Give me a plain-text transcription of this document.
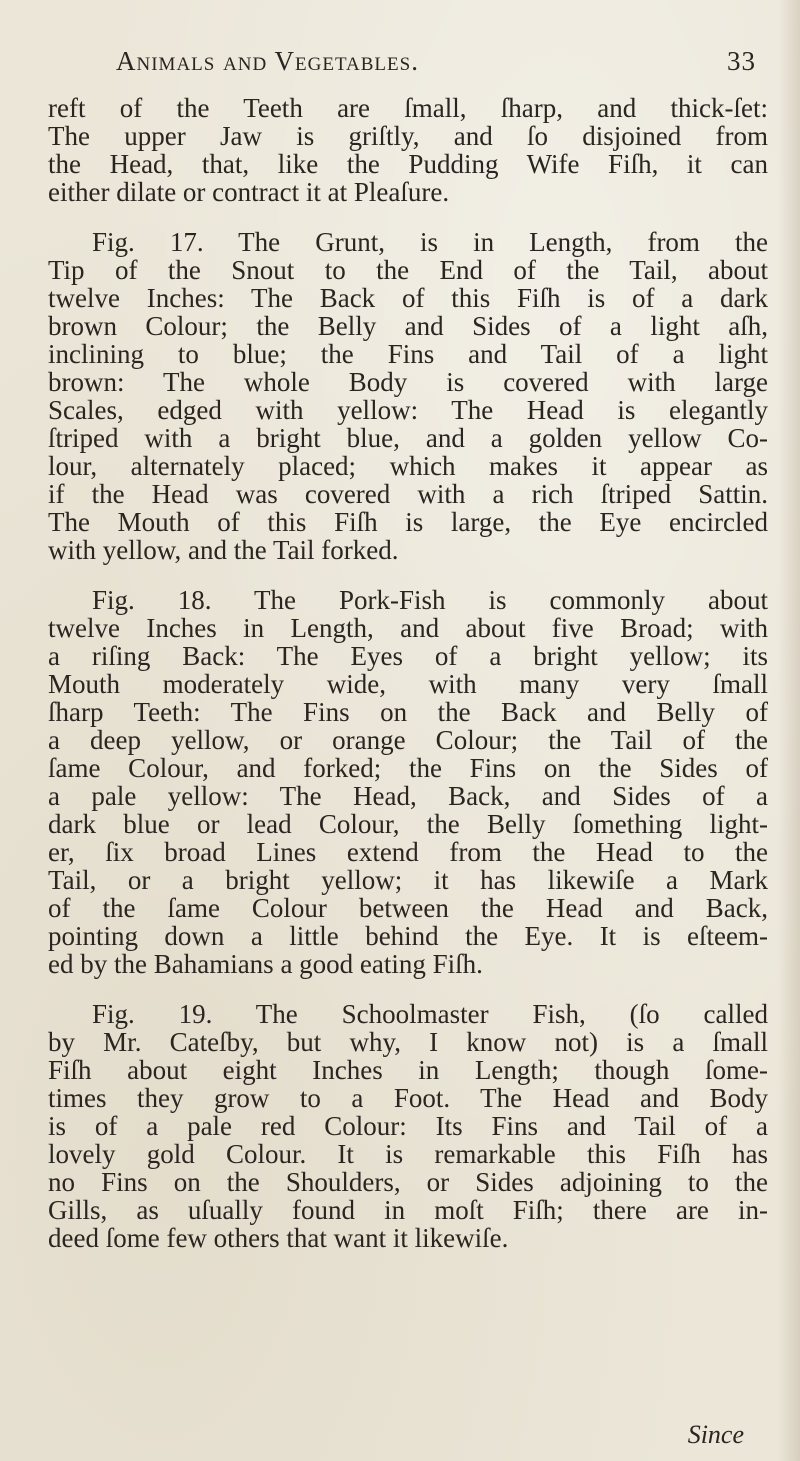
Animals and Vegetables.	33
reft of the Teeth are ſmall, ſharp, and thick-ſet:
The upper Jaw is griſtly, and ſo disjoined from
the Head, that, like the Pudding Wife Fiſh, it can
either dilate or contract it at Pleaſure.
Fig. 17. The Grunt, is in Length, from the
Tip of the Snout to the End of the Tail, about
twelve Inches: The Back of this Fiſh is of a dark
brown Colour; the Belly and Sides of a light aſh,
inclining to blue; the Fins and Tail of a light
brown: The whole Body is covered with large
Scales, edged with yellow: The Head is elegantly
ſtriped with a bright blue, and a golden yellow Co-
lour, alternately placed; which makes it appear as
if the Head was covered with a rich ſtriped Sattin.
The Mouth of this Fiſh is large, the Eye encircled
with yellow, and the Tail forked.
Fig. 18. The Pork-Fish is commonly about
twelve Inches in Length, and about five Broad; with
a riſing Back: The Eyes of a bright yellow; its
Mouth moderately wide, with many very ſmall
ſharp Teeth: The Fins on the Back and Belly of
a deep yellow, or orange Colour; the Tail of the
ſame Colour, and forked; the Fins on the Sides of
a pale yellow: The Head, Back, and Sides of a
dark blue or lead Colour, the Belly ſomething light-
er, ſix broad Lines extend from the Head to the
Tail, or a bright yellow; it has likewiſe a Mark
of the ſame Colour between the Head and Back,
pointing down a little behind the Eye. It is eſteem-
ed by the Bahamians a good eating Fiſh.
Fig. 19. The Schoolmaster Fish, (ſo called
by Mr. Cateſby, but why, I know not) is a ſmall
Fiſh about eight Inches in Length; though ſome-
times they grow to a Foot. The Head and Body
is of a pale red Colour: Its Fins and Tail of a
lovely gold Colour. It is remarkable this Fiſh has
no Fins on the Shoulders, or Sides adjoining to the
Gills, as uſually found in moſt Fiſh; there are in-
deed ſome few others that want it likewiſe.
Since
